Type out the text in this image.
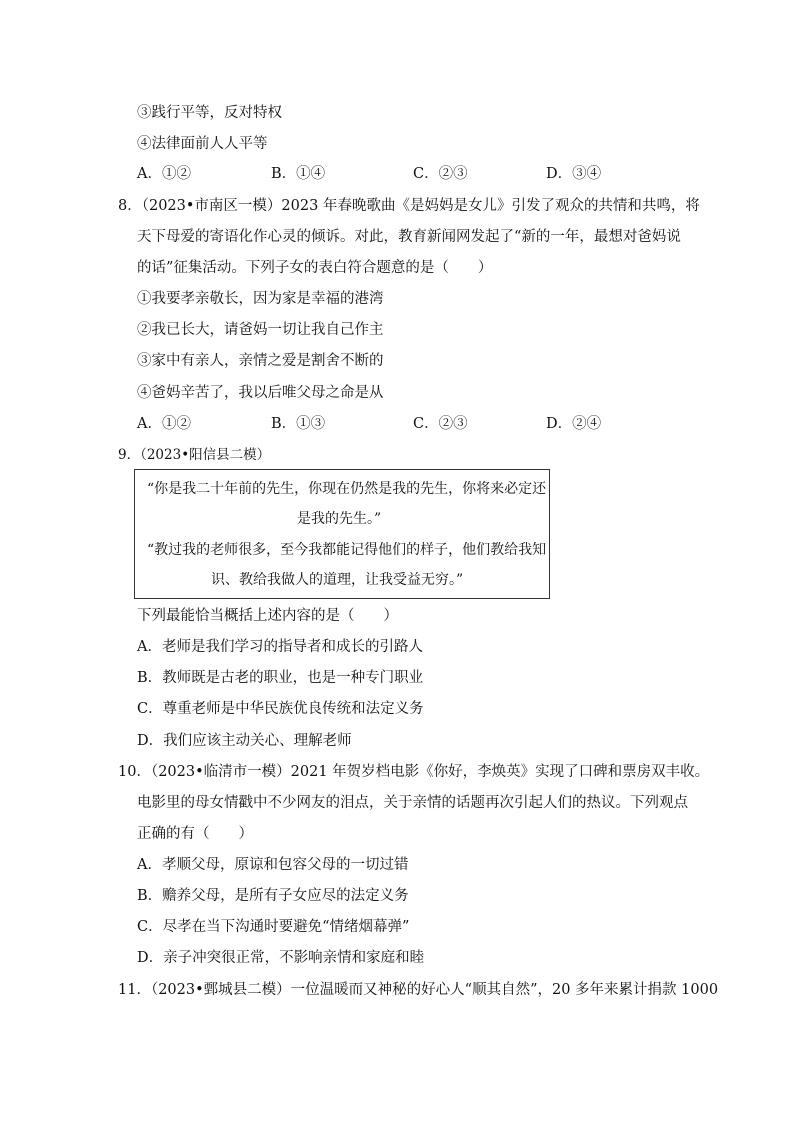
③践行平等，反对特权
④法律面前人人平等
A．①②	B．①④	C．②③	D．③④
8．（2023•市南区一模）2023 年春晚歌曲《是妈妈是女儿》引发了观众的共情和共鸣，将
天下母爱的寄语化作心灵的倾诉。对此，教育新闻网发起了“新的一年，最想对爸妈说
的话”征集活动。下列子女的表白符合题意的是（　　）
①我要孝亲敬长，因为家是幸福的港湾
②我已长大，请爸妈一切让我自己作主
③家中有亲人，亲情之爱是割舍不断的
④爸妈辛苦了，我以后唯父母之命是从
A．①②	B．①③	C．②③	D．②④
9．（2023•阳信县二模）
“你是我二十年前的先生，你现在仍然是我的先生，你将来必定还
是我的先生。”
“教过我的老师很多，至今我都能记得他们的样子，他们教给我知
识、教给我做人的道理，让我受益无穷。”
下列最能恰当概括上述内容的是（　　）
A．老师是我们学习的指导者和成长的引路人
B．教师既是古老的职业，也是一种专门职业
C．尊重老师是中华民族优良传统和法定义务
D．我们应该主动关心、理解老师
10．（2023•临清市一模）2021 年贺岁档电影《你好，李焕英》实现了口碑和票房双丰收。
电影里的母女情戳中不少网友的泪点，关于亲情的话题再次引起人们的热议。下列观点
正确的有（　　）
A．孝顺父母，原谅和包容父母的一切过错
B．赡养父母，是所有子女应尽的法定义务
C．尽孝在当下沟通时要避免“情绪烟幕弹”
D．亲子冲突很正常，不影响亲情和家庭和睦
11．（2023•鄄城县二模）一位温暖而又神秘的好心人“顺其自然”，20 多年来累计捐款 1000
